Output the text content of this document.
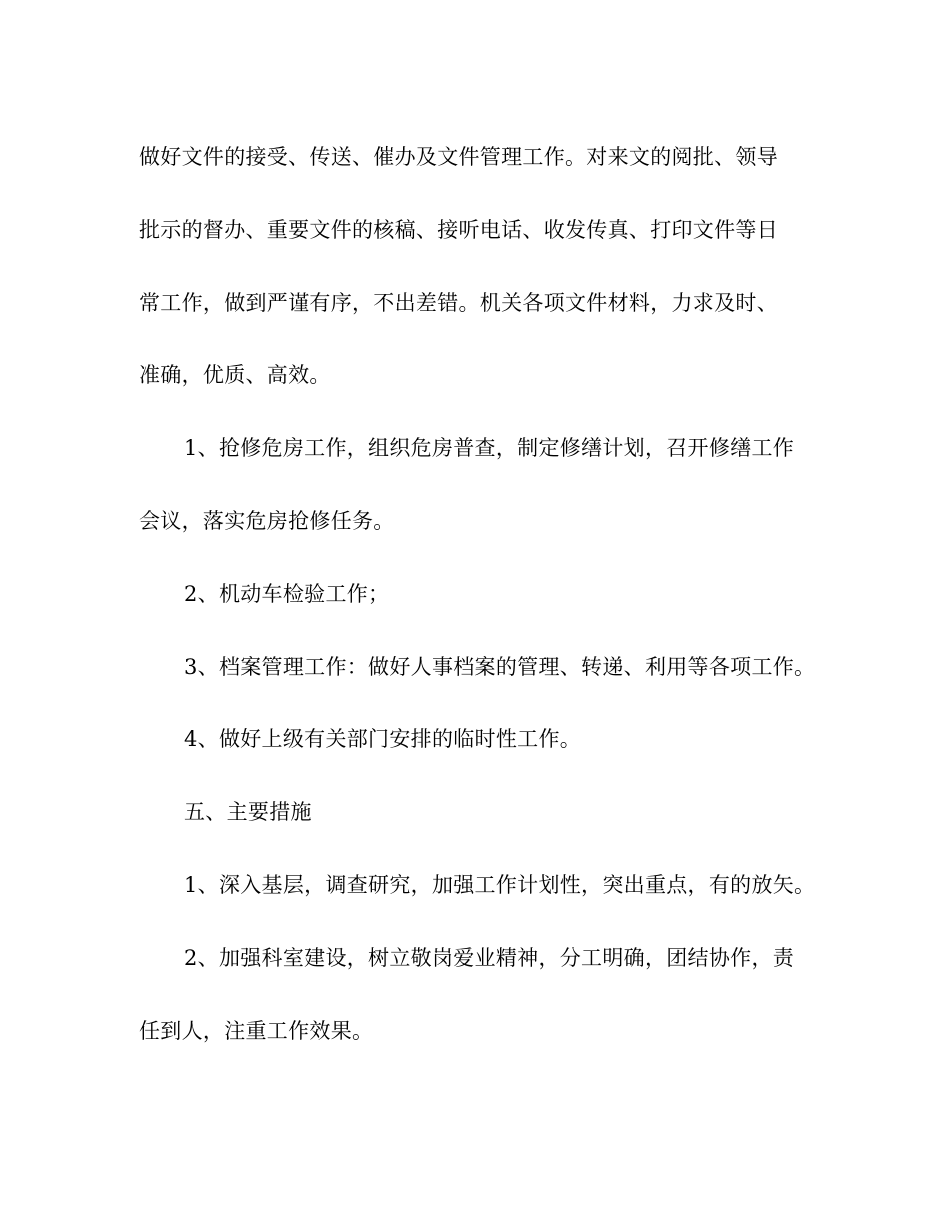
做好文件的接受、传送、催办及文件管理工作。对来文的阅批、领导

批示的督办、重要文件的核稿、接听电话、收发传真、打印文件等日

常工作，做到严谨有序，不出差错。机关各项文件材料，力求及时、

准确，优质、高效。

1、抢修危房工作，组织危房普查，制定修缮计划，召开修缮工作

会议，落实危房抢修任务。

2、机动车检验工作；

3、档案管理工作：做好人事档案的管理、转递、利用等各项工作。

4、做好上级有关部门安排的临时性工作。

五、主要措施

1、深入基层，调查研究，加强工作计划性，突出重点，有的放矢。

2、加强科室建设，树立敬岗爱业精神，分工明确，团结协作，责

任到人，注重工作效果。
